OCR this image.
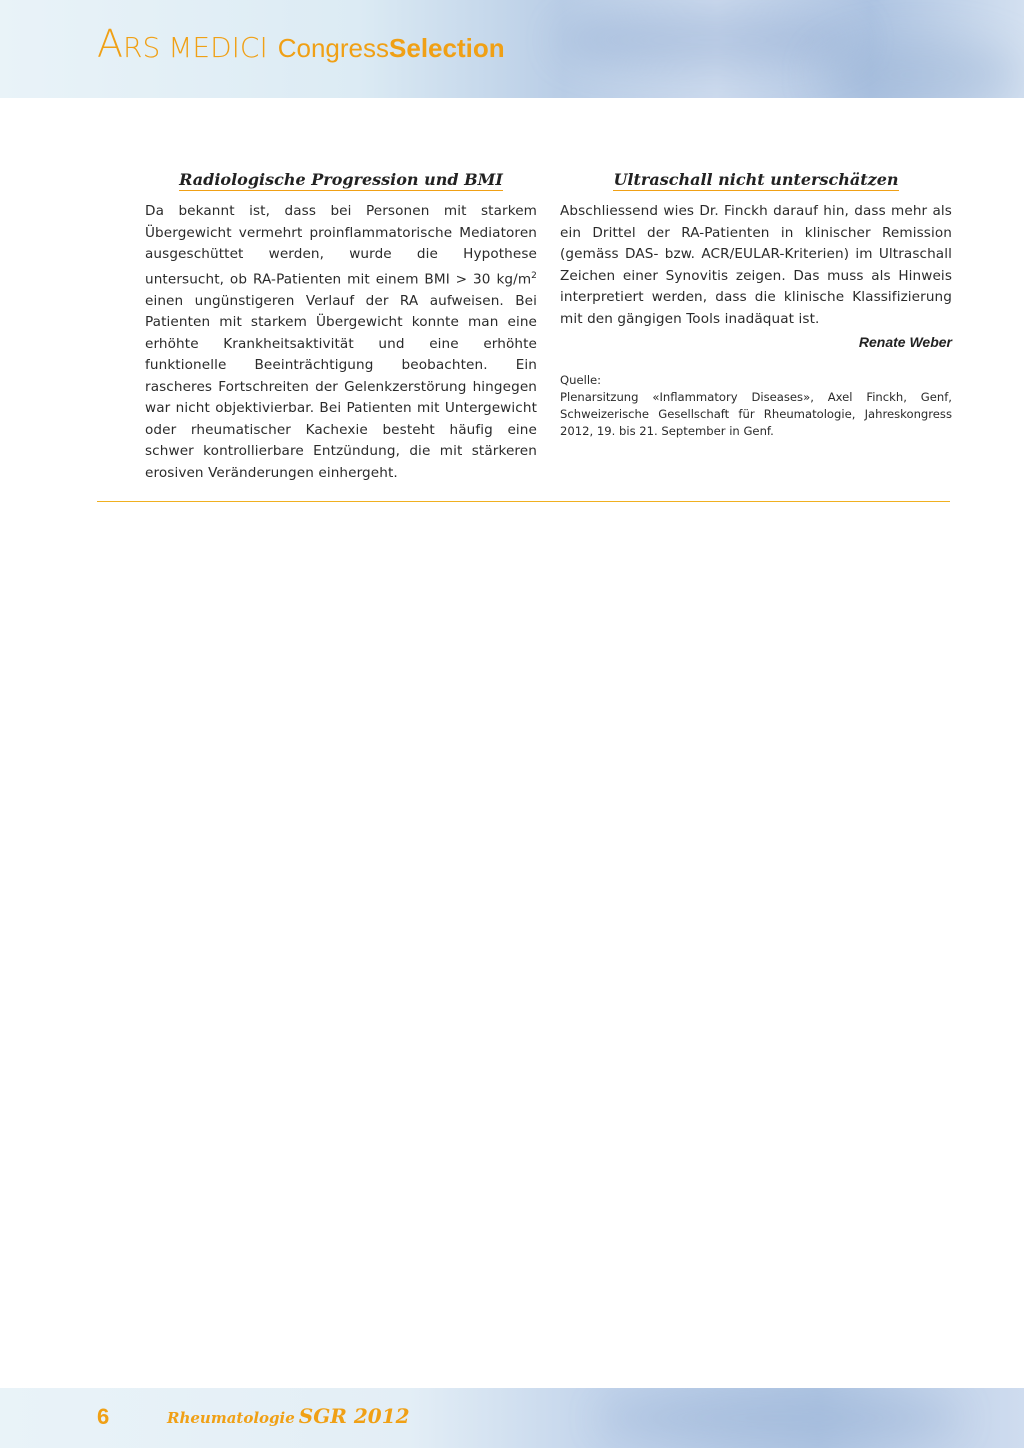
A RS M EDICI Congress Selection
Radiologische Progression und BMI

Da bekannt ist, dass bei Personen mit starkem Übergewicht vermehrt proinflammatorische Mediatoren ausgeschüttet werden, wurde die Hypothese untersucht, ob RA-Patienten mit einem BMI > 30 $kg/m^2$ einen ungünstigeren Verlauf der RA aufweisen. Bei Patienten mit starkem Übergewicht konnte man eine erhöhte Krankheitsaktivität und eine erhöhte funktionelle Beeinträchtigung beobachten. Ein rascheres Fortschreiten der Gelenkzerstörung hingegen war nicht objektivierbar. Bei Patienten mit Untergewicht oder rheumatischer Kachexie besteht häufig eine schwer kontrollierbare Entzündung, die mit stärkeren erosiven Veränderungen einhergeht.

Ultraschall nicht unterschätzen

Abschliessend wies Dr. Finckh darauf hin, dass mehr als ein Drittel der RA-Patienten in klinischer Remission (gemäss DAS- bzw. ACR/EULAR-Kriterien) im Ultraschall Zeichen einer Synovitis zeigen. Das muss als Hinweis interpretiert werden, dass die klinische Klassifizierung mit den gängigen Tools inadäquat ist.

Renate Weber
Quelle:
Plenarsitzung «Inflammatory Diseases», Axel Finckh, Genf, Schweizerische Gesellschaft für Rheumatologie, Jahreskongress 2012, 19. bis 21. September in Genf.
6	Rheumatologie SGR 2012
